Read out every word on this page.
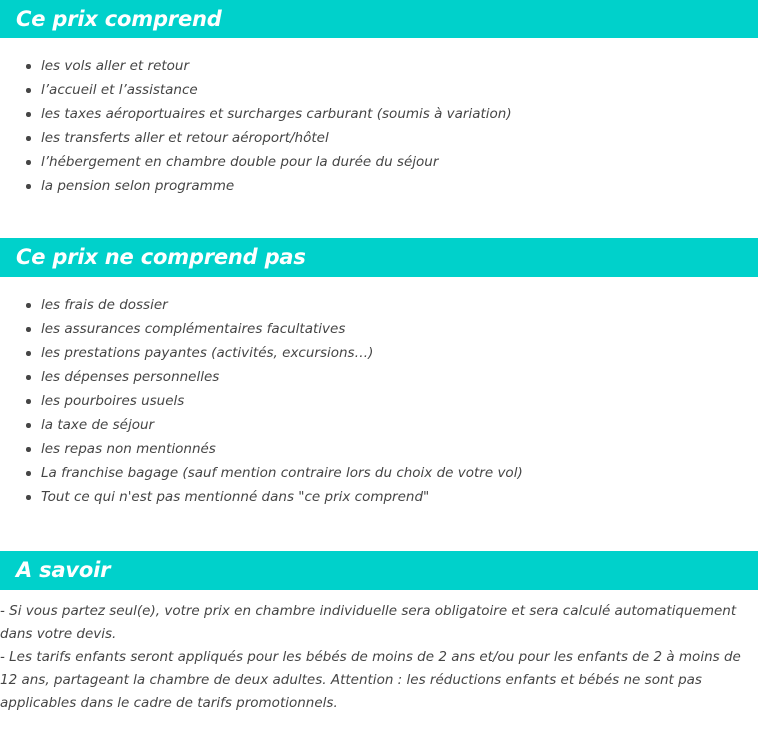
Ce prix comprend
les vols aller et retour
l’accueil et l’assistance
les taxes aéroportuaires et surcharges carburant (soumis à variation)
les transferts aller et retour aéroport/hôtel
l’hébergement en chambre double pour la durée du séjour
la pension selon programme
Ce prix ne comprend pas
les frais de dossier
les assurances complémentaires facultatives
les prestations payantes (activités, excursions…)
les dépenses personnelles
les pourboires usuels
la taxe de séjour
les repas non mentionnés
La franchise bagage (sauf mention contraire lors du choix de votre vol)
Tout ce qui n'est pas mentionné dans "ce prix comprend"
A savoir

- Si vous partez seul(e), votre prix en chambre individuelle sera obligatoire et sera calculé automatiquement dans votre devis.

- Les tarifs enfants seront appliqués pour les bébés de moins de 2 ans et/ou pour les enfants de 2 à moins de 12 ans, partageant la chambre de deux adultes. Attention : les réductions enfants et bébés ne sont pas applicables dans le cadre de tarifs promotionnels.
